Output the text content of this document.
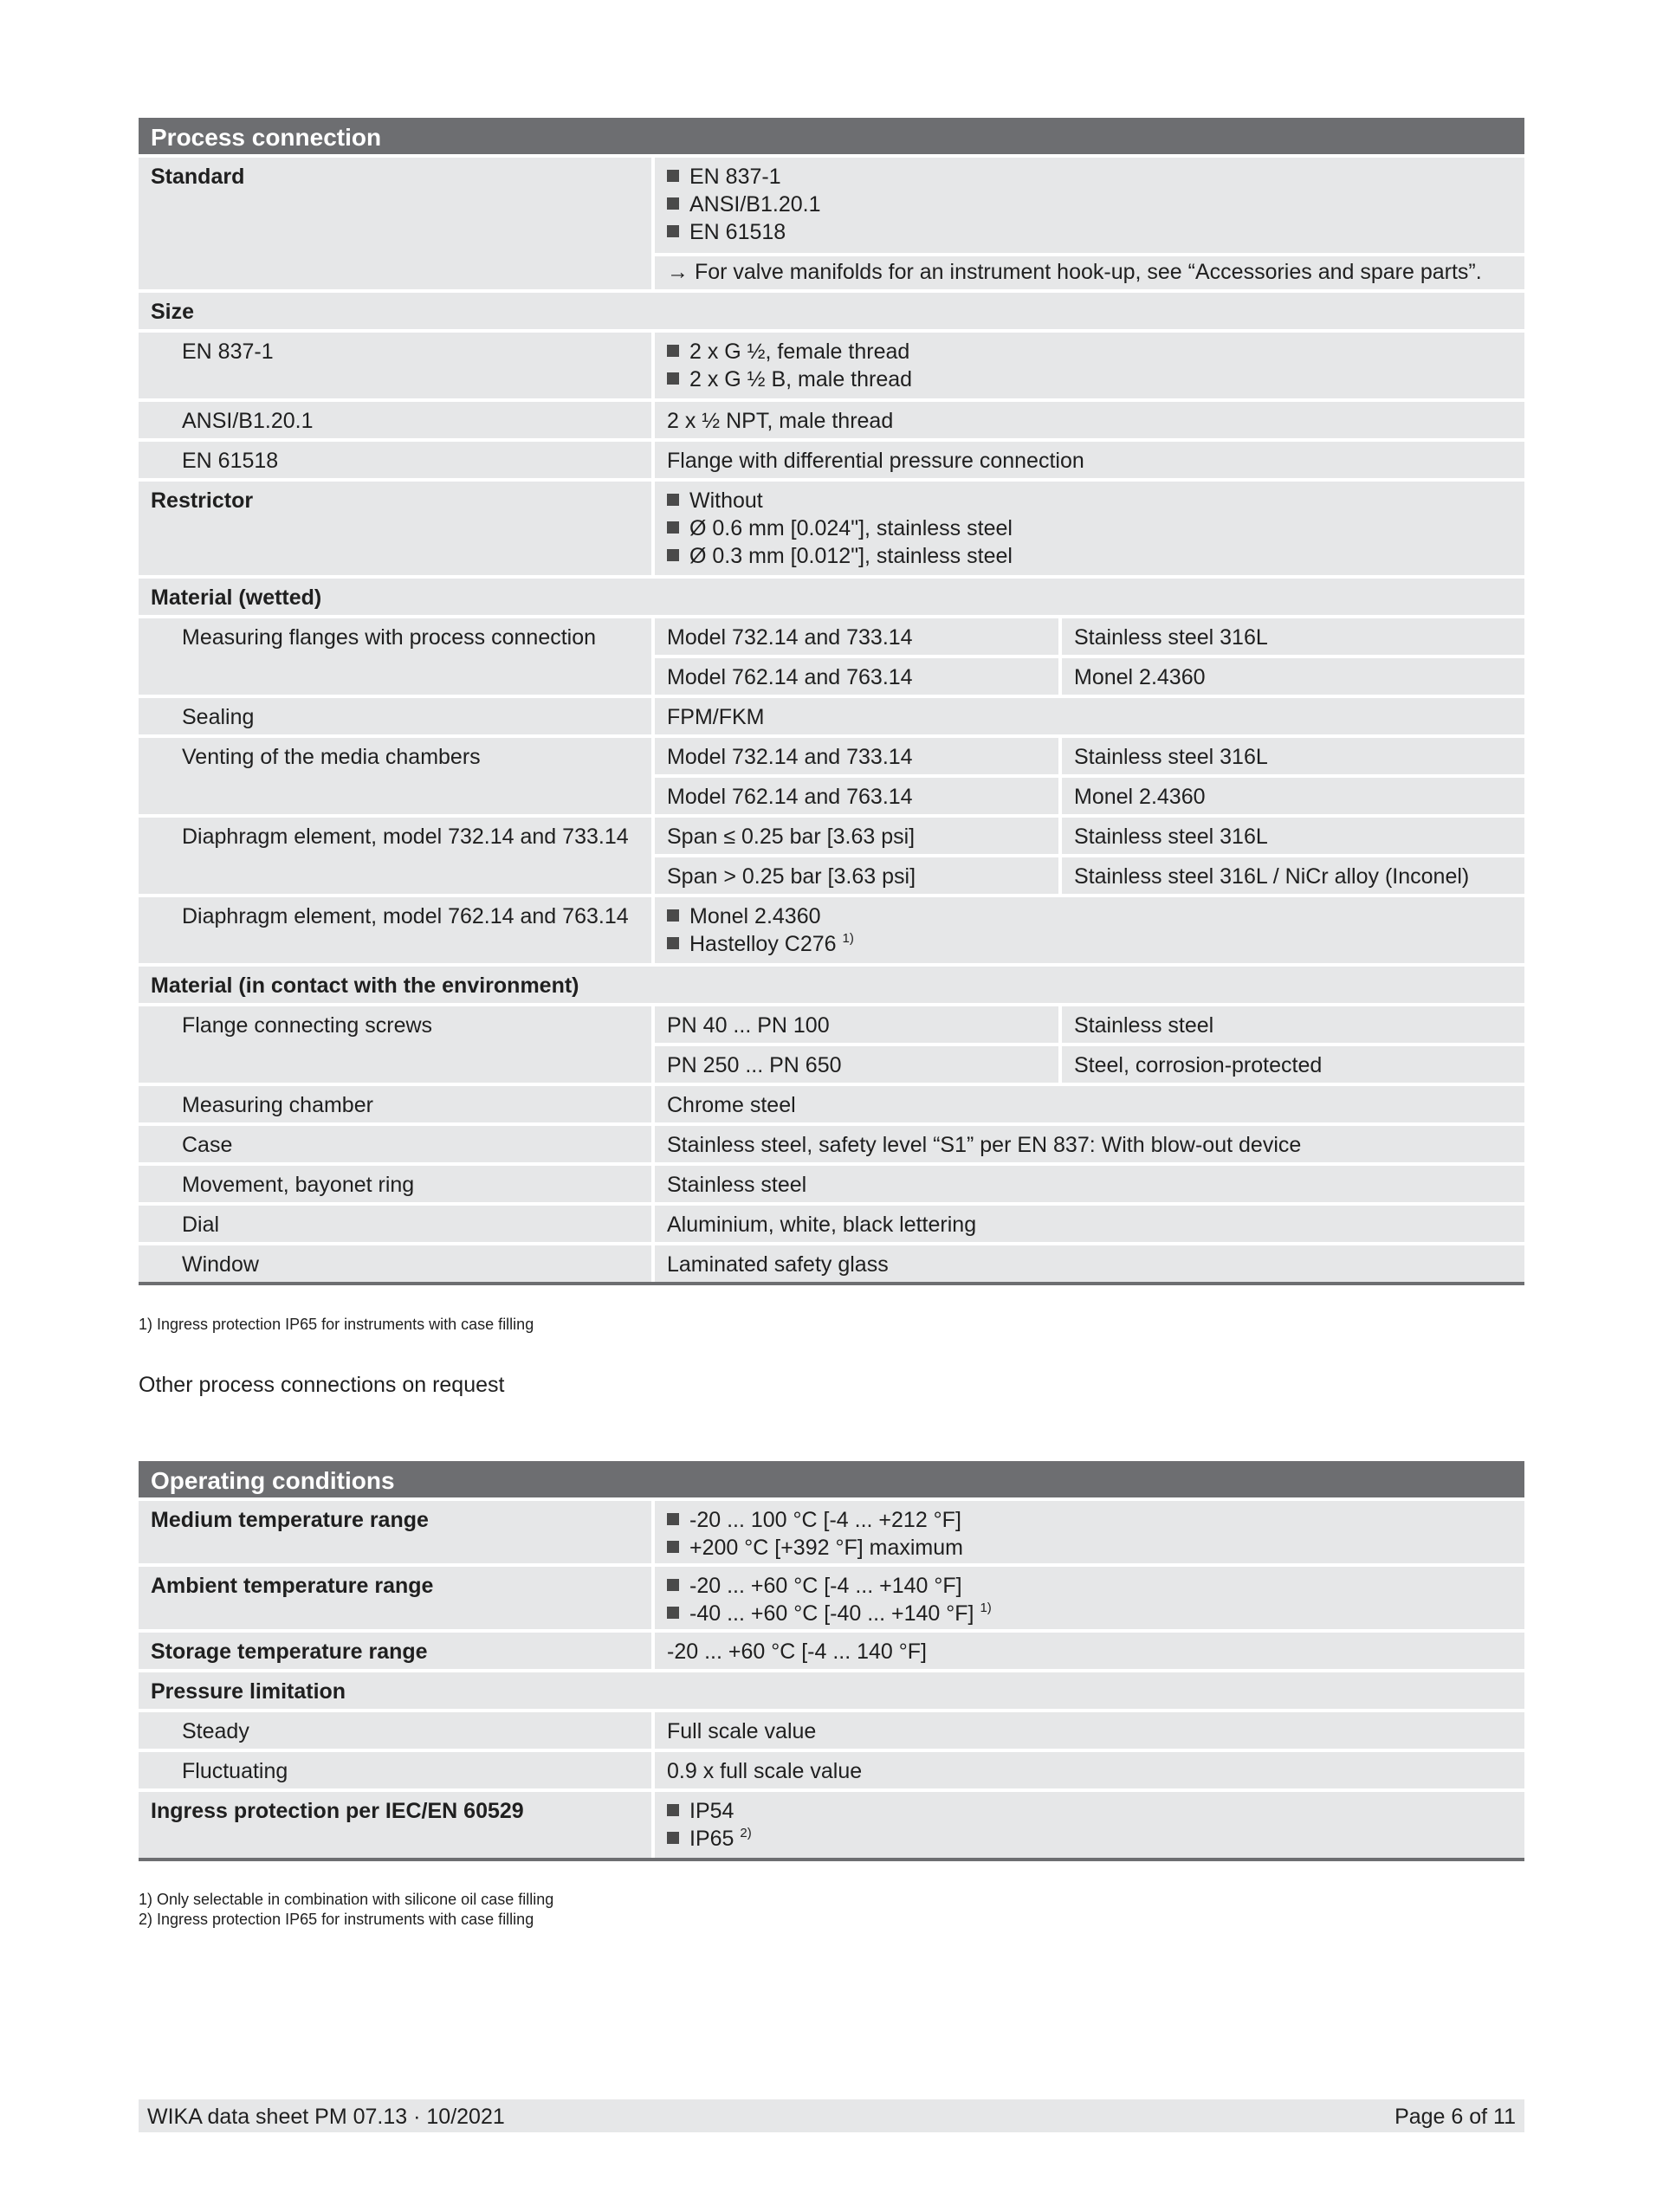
Process connection
Standard	EN 837-1
ANSI/B1.20.1
EN 61518
→ For valve manifolds for an instrument hook-up, see “Accessories and spare parts”.
Size
EN 837-1	2 x G ½, female thread
2 x G ½ B, male thread
ANSI/B1.20.1	2 x ½ NPT, male thread
EN 61518	Flange with differential pressure connection
Restrictor	Without
Ø 0.6 mm [0.024"], stainless steel
Ø 0.3 mm [0.012"], stainless steel
Material (wetted)
Measuring flanges with process connection	Model 732.14 and 733.14	Stainless steel 316L
Model 762.14 and 763.14	Monel 2.4360
Sealing	FPM/FKM
Venting of the media chambers	Model 732.14 and 733.14	Stainless steel 316L
Model 762.14 and 763.14	Monel 2.4360
Diaphragm element, model 732.14 and 733.14	Span ≤ 0.25 bar [3.63 psi]	Stainless steel 316L
Span > 0.25 bar [3.63 psi]	Stainless steel 316L / NiCr alloy (Inconel)
Diaphragm element, model 762.14 and 763.14	Monel 2.4360
Hastelloy C276 $^{1)}$
Material (in contact with the environment)
Flange connecting screws	PN 40 ... PN 100	Stainless steel
PN 250 ... PN 650	Steel, corrosion-protected
Measuring chamber	Chrome steel
Case	Stainless steel, safety level “S1” per EN 837: With blow-out device
Movement, bayonet ring	Stainless steel
Dial	Aluminium, white, black lettering
Window	Laminated safety glass
1) Ingress protection IP65 for instruments with case filling
Other process connections on request
Operating conditions
Medium temperature range	-20 ... 100 °C [-4 ... +212 °F]
+200 °C [+392 °F] maximum
Ambient temperature range	-20 ... +60 °C [-4 ... +140 °F]
-40 ... +60 °C [-40 ... +140 °F] $^{1)}$
Storage temperature range	-20 ... +60 °C [-4 ... 140 °F]
Pressure limitation
Steady	Full scale value
Fluctuating	0.9 x full scale value
Ingress protection per IEC/EN 60529	IP54
IP65 $^{2)}$
1) Only selectable in combination with silicone oil case filling
2) Ingress protection IP65 for instruments with case filling
WIKA data sheet PM 07.13 · 10/2021	Page 6 of 11
